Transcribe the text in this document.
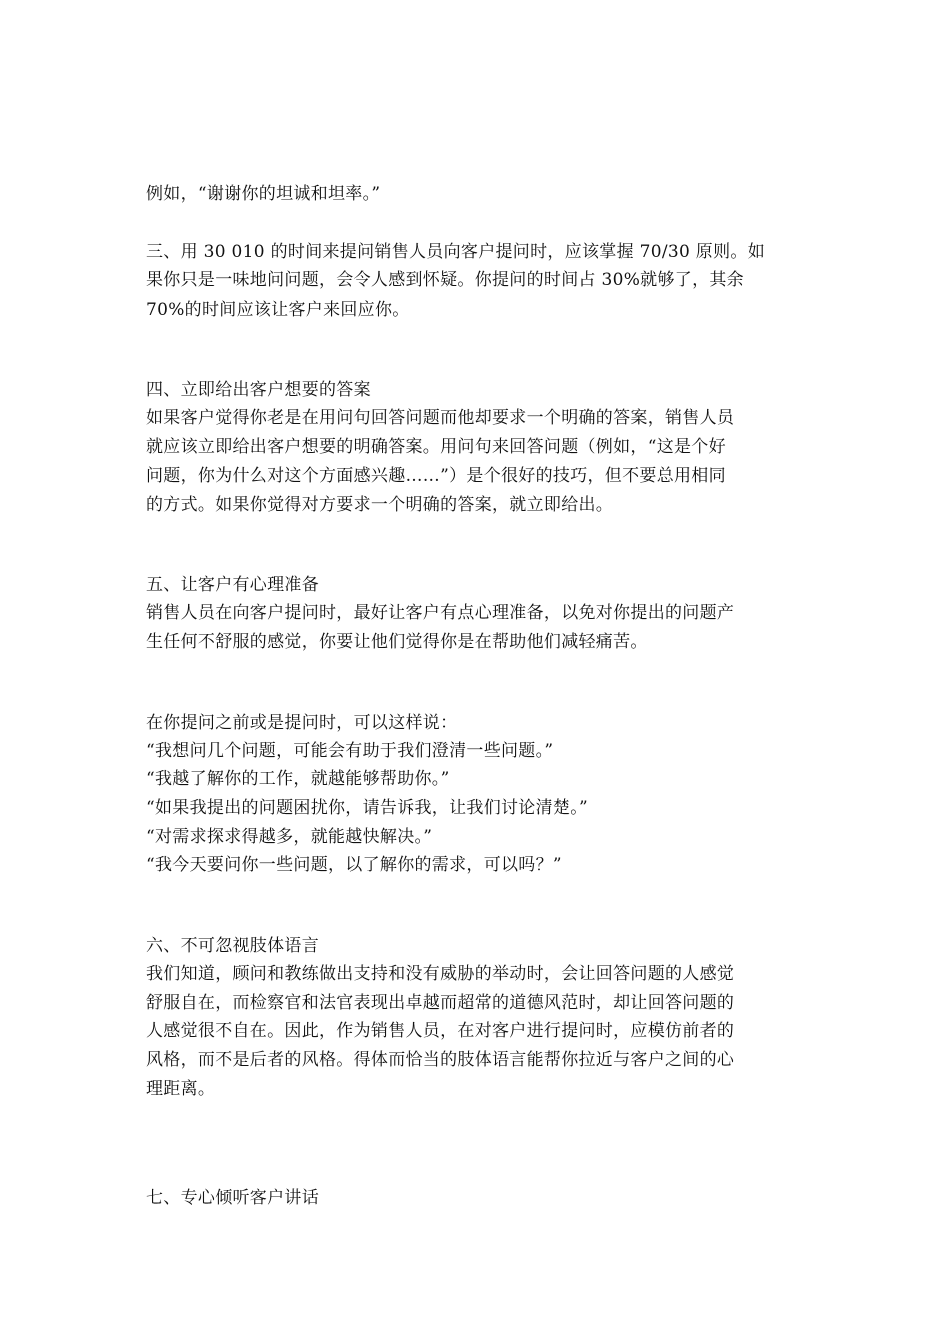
例如，“谢谢你的坦诚和坦率。”
三、用 30 010 的时间来提问销售人员向客户提问时，应该掌握 70/30 原则。如
果你只是一味地问问题，会令人感到怀疑。你提问的时间占 30%就够了，其余
70%的时间应该让客户来回应你。
四、立即给出客户想要的答案
如果客户觉得你老是在用问句回答问题而他却要求一个明确的答案，销售人员
就应该立即给出客户想要的明确答案。用问句来回答问题（例如，“这是个好
问题，你为什么对这个方面感兴趣……”）是个很好的技巧，但不要总用相同
的方式。如果你觉得对方要求一个明确的答案，就立即给出。
五、让客户有心理准备
销售人员在向客户提问时，最好让客户有点心理准备，以免对你提出的问题产
生任何不舒服的感觉，你要让他们觉得你是在帮助他们减轻痛苦。
在你提问之前或是提问时，可以这样说：
“我想问几个问题，可能会有助于我们澄清一些问题。”
“我越了解你的工作，就越能够帮助你。”
“如果我提出的问题困扰你，请告诉我，让我们讨论清楚。”
“对需求探求得越多，就能越快解决。”
“我今天要问你一些问题，以了解你的需求，可以吗？”
六、不可忽视肢体语言
我们知道，顾问和教练做出支持和没有威胁的举动时，会让回答问题的人感觉
舒服自在，而检察官和法官表现出卓越而超常的道德风范时，却让回答问题的
人感觉很不自在。因此，作为销售人员，在对客户进行提问时，应模仿前者的
风格，而不是后者的风格。得体而恰当的肢体语言能帮你拉近与客户之间的心
理距离。
七、专心倾听客户讲话
